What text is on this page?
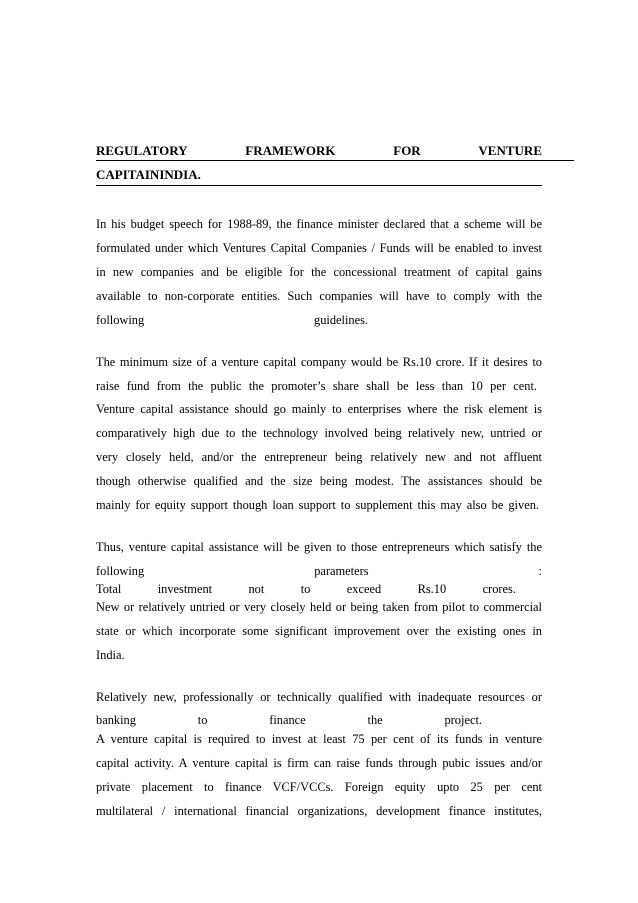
REGULATORY	FRAMEWORK	FOR	VENTURE
CAPITAININDIA.
In his budget speech for 1988-89, the finance minister declared that a scheme will be
formulated under which Ventures Capital Companies / Funds will be enabled to invest
in new companies and be eligible for the concessional treatment of capital gains
available to non-corporate entities. Such companies will have to comply with the
following	guidelines.
The minimum size of a venture capital company would be Rs.10 crore. If it desires to
raise fund from the public the promoter’s share shall be less than 10 per cent.
Venture capital assistance should go mainly to enterprises where the risk element is
comparatively high due to the technology involved being relatively new, untried or
very closely held, and/or the entrepreneur being relatively new and not affluent
though otherwise qualified and the size being modest. The assistances should be
mainly for equity support though loan support to supplement this may also be given.
Thus, venture capital assistance will be given to those entrepreneurs which satisfy the
following	parameters	:
Total	investment	not	to	exceed	Rs.10	crores.
New or relatively untried or very closely held or being taken from pilot to commercial
state or which incorporate some significant improvement over the existing ones in
India.
Relatively new, professionally or technically qualified with inadequate resources or
banking	to	finance	the	project.
A venture capital is required to invest at least 75 per cent of its funds in venture
capital activity. A venture capital is firm can raise funds through pubic issues and/or
private placement to finance VCF/VCCs. Foreign equity upto 25 per cent
multilateral / international financial organizations, development finance institutes,
